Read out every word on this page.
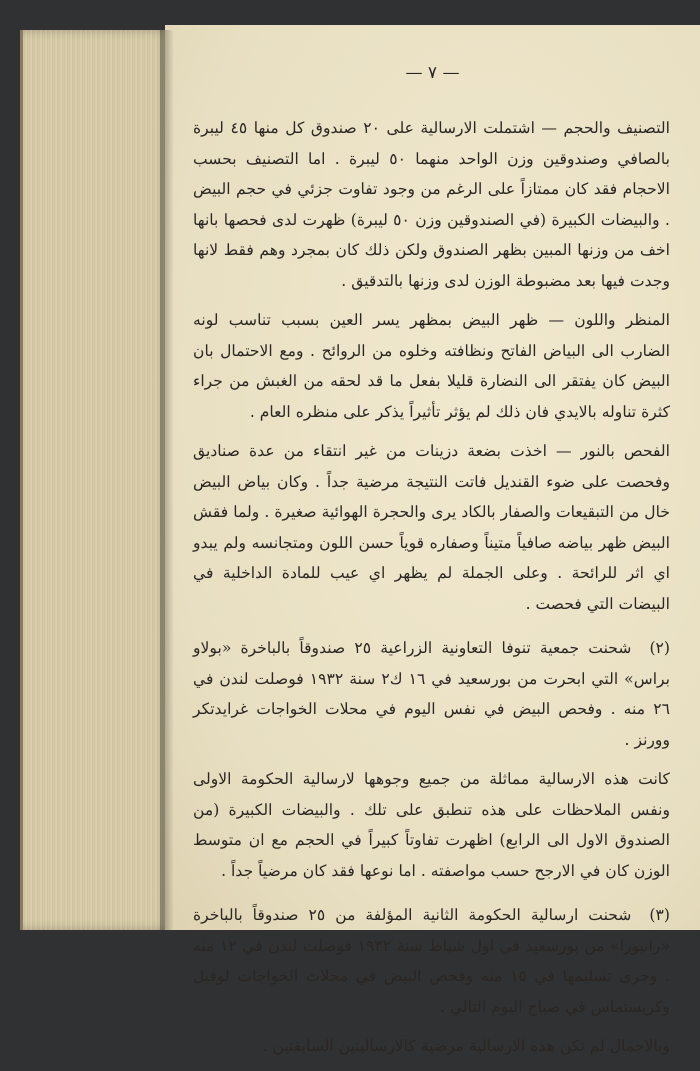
— ٧ —

التصنيف والحجم — اشتملت الارسالية على ٢٠ صندوق كل منها ٤٥ ليبرة بالصافي وصندوقين وزن الواحد منهما ٥٠ ليبرة . اما التصنيف بحسب الاحجام فقد كان ممتازاً على الرغم من وجود تفاوت جزئي في حجم البيض . والبيضات الكبيرة (في الصندوقين وزن ٥٠ ليبرة) ظهرت لدى فحصها بانها اخف من وزنها المبين بظهر الصندوق ولكن ذلك كان بمجرد وهم فقط لانها وجدت فيها بعد مضبوطة الوزن لدى وزنها بالتدقيق .

المنظر واللون — ظهر البيض بمظهر يسر العين بسبب تناسب لونه الضارب الى البياض الفاتح ونظافته وخلوه من الروائح . ومع الاحتمال بان البيض كان يفتقر الى النضارة قليلا بفعل ما قد لحقه من الغبش من جراء كثرة تناوله بالايدي فان ذلك لم يؤثر تأثيراً يذكر على منظره العام .

الفحص بالنور — اخذت بضعة دزينات من غير انتقاء من عدة صناديق وفحصت على ضوء القنديل فاتت النتيجة مرضية جداً . وكان بياض البيض خال من التبقيعات والصفار بالكاد يرى والحجرة الهوائية صغيرة . ولما فقش البيض ظهر بياضه صافياً متيناً وصفاره قوياً حسن اللون ومتجانسه ولم يبدو اي اثر للرائحة . وعلى الجملة لم يظهر اي عيب للمادة الداخلية في البيضات التي فحصت .

(٢)شحنت جمعية تنوفا التعاونية الزراعية ٢٥ صندوقاً بالباخرة «بولاو براس» التي ابحرت من بورسعيد في ١٦ ك٢ سنة ١٩٣٢ فوصلت لندن في ٢٦ منه . وفحص البيض في نفس اليوم في محلات الخواجات غرايدتكر وورنز .

كانت هذه الارسالية مماثلة من جميع وجوهها لارسالية الحكومة الاولى ونفس الملاحظات على هذه تنطبق على تلك . والبيضات الكبيرة (من الصندوق الاول الى الرابع) اظهرت تفاوتاً كبيراً في الحجم مع ان متوسط الوزن كان في الارجح حسب مواصفته . اما نوعها فقد كان مرضياً جداً .

(٣)شحنت ارسالية الحكومة الثانية المؤلفة من ٢٥ صندوقاً بالباخرة «رانبورا» من بورسعيد في اول شباط سنة ١٩٣٢ فوصلت لندن في ١٢ منه . وجرى تسليمها في ١٥ منه وفحص البيض في محلات الخواجات لوفيل وكريستماس في صباح اليوم التالي .

وبالاجمال لم تكن هذه الارسالية مرضية كالارساليتين السابقتين .
